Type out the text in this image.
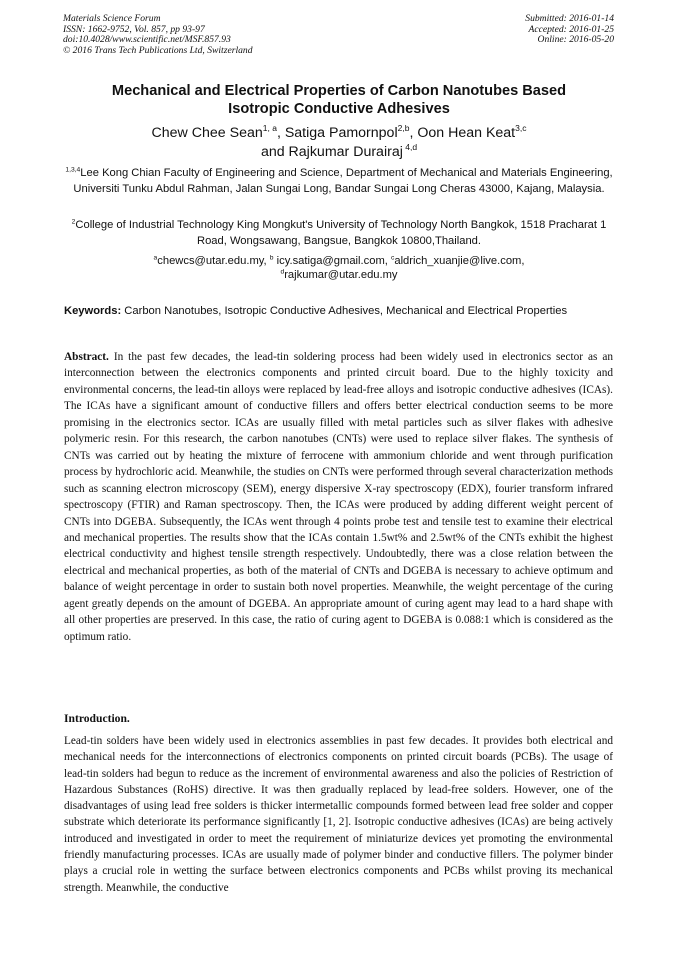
Materials Science Forum
ISSN: 1662-9752, Vol. 857, pp 93-97
doi:10.4028/www.scientific.net/MSF.857.93
© 2016 Trans Tech Publications Ltd, Switzerland
Submitted: 2016-01-14
Accepted: 2016-01-25
Online: 2016-05-20
Mechanical and Electrical Properties of Carbon Nanotubes Based
Isotropic Conductive Adhesives
Chew Chee Sean$^{1, a}$, Satiga Pamornpol$^{2,b}$, Oon Hean Keat$^{3,c}$
and Rajkumar Durairaj $^{4,d}$
$^{1,3,4}$Lee Kong Chian Faculty of Engineering and Science, Department of Mechanical and Materials Engineering, Universiti Tunku Abdul Rahman, Jalan Sungai Long, Bandar Sungai Long Cheras 43000, Kajang, Malaysia.
$^2$College of Industrial Technology King Mongkut's University of Technology North Bangkok, 1518 Pracharat 1 Road, Wongsawang, Bangsue, Bangkok 10800,Thailand.
$^a$chewcs@utar.edu.my, $^b$ icy.satiga@gmail.com, $^c$aldrich_xuanjie@live.com,
$^d$rajkumar@utar.edu.my
Keywords: Carbon Nanotubes, Isotropic Conductive Adhesives, Mechanical and Electrical Properties
Abstract. In the past few decades, the lead-tin soldering process had been widely used in electronics sector as an interconnection between the electronics components and printed circuit board. Due to the highly toxicity and environmental concerns, the lead-tin alloys were replaced by lead-free alloys and isotropic conductive adhesives (ICAs). The ICAs have a significant amount of conductive fillers and offers better electrical conduction seems to be more promising in the electronics sector. ICAs are usually filled with metal particles such as silver flakes with adhesive polymeric resin. For this research, the carbon nanotubes (CNTs) were used to replace silver flakes. The synthesis of CNTs was carried out by heating the mixture of ferrocene with ammonium chloride and went through purification process by hydrochloric acid. Meanwhile, the studies on CNTs were performed through several characterization methods such as scanning electron microscopy (SEM), energy dispersive X-ray spectroscopy (EDX), fourier transform infrared spectroscopy (FTIR) and Raman spectroscopy. Then, the ICAs were produced by adding different weight percent of CNTs into DGEBA. Subsequently, the ICAs went through 4 points probe test and tensile test to examine their electrical and mechanical properties. The results show that the ICAs contain 1.5wt% and 2.5wt% of the CNTs exhibit the highest electrical conductivity and highest tensile strength respectively. Undoubtedly, there was a close relation between the electrical and mechanical properties, as both of the material of CNTs and DGEBA is necessary to achieve optimum and balance of weight percentage in order to sustain both novel properties. Meanwhile, the weight percentage of the curing agent greatly depends on the amount of DGEBA. An appropriate amount of curing agent may lead to a hard shape with all other properties are preserved. In this case, the ratio of curing agent to DGEBA is 0.088:1 which is considered as the optimum ratio.
Introduction.
Lead-tin solders have been widely used in electronics assemblies in past few decades. It provides both electrical and mechanical needs for the interconnections of electronics components on printed circuit boards (PCBs). The usage of lead-tin solders had begun to reduce as the increment of environmental awareness and also the policies of Restriction of Hazardous Substances (RoHS) directive. It was then gradually replaced by lead-free solders. However, one of the disadvantages of using lead free solders is thicker intermetallic compounds formed between lead free solder and copper substrate which deteriorate its performance significantly [1, 2]. Isotropic conductive adhesives (ICAs) are being actively introduced and investigated in order to meet the requirement of miniaturize devices yet promoting the environmental friendly manufacturing processes. ICAs are usually made of polymer binder and conductive fillers. The polymer binder plays a crucial role in wetting the surface between electronics components and PCBs whilst proving its mechanical strength. Meanwhile, the conductive
